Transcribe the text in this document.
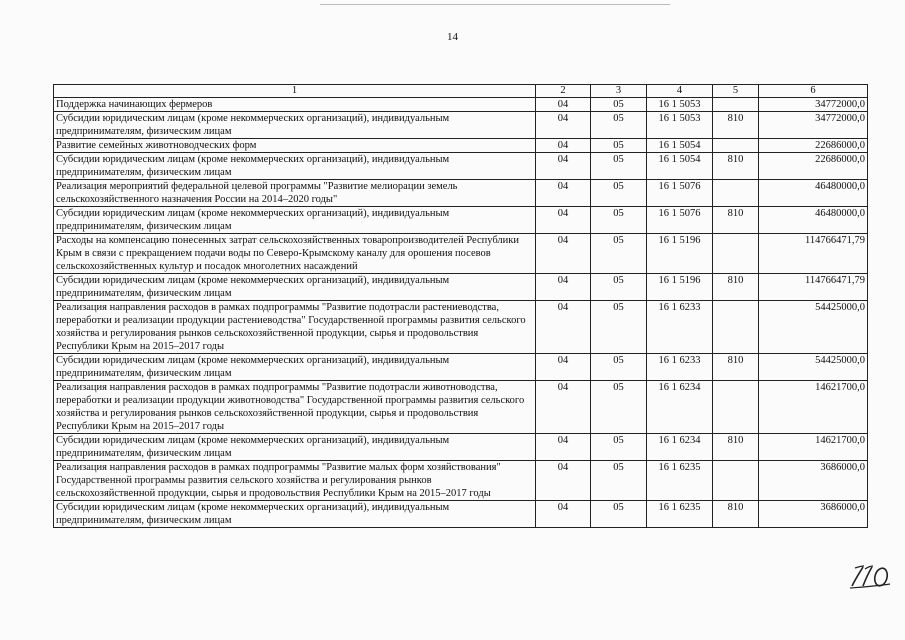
14
1	2	3	4	5	6
Поддержка начинающих фермеров	04	05	16 1 5053		34772000,0
Субсидии юридическим лицам (кроме некоммерческих организаций), индивидуальным предпринимателям, физическим лицам	04	05	16 1 5053	810	34772000,0
Развитие семейных животноводческих форм	04	05	16 1 5054		22686000,0
Субсидии юридическим лицам (кроме некоммерческих организаций), индивидуальным предпринимателям, физическим лицам	04	05	16 1 5054	810	22686000,0
Реализация мероприятий федеральной целевой программы "Развитие мелиорации земель сельскохозяйственного назначения России на 2014–2020 годы"	04	05	16 1 5076		46480000,0
Субсидии юридическим лицам (кроме некоммерческих организаций), индивидуальным предпринимателям, физическим лицам	04	05	16 1 5076	810	46480000,0
Расходы на компенсацию понесенных затрат сельскохозяйственных товаропроизводителей Республики Крым в связи с прекращением подачи воды по Северо-Крымскому каналу для орошения посевов сельскохозяйственных культур и посадок многолетних насаждений	04	05	16 1 5196		114766471,79
Субсидии юридическим лицам (кроме некоммерческих организаций), индивидуальным предпринимателям, физическим лицам	04	05	16 1 5196	810	114766471,79
Реализация направления расходов в рамках подпрограммы "Развитие подотрасли растениеводства, переработки и реализации продукции растениеводства" Государственной программы развития сельского хозяйства и регулирования рынков сельскохозяйственной продукции, сырья и продовольствия Республики Крым на 2015–2017 годы	04	05	16 1 6233		54425000,0
Субсидии юридическим лицам (кроме некоммерческих организаций), индивидуальным предпринимателям, физическим лицам	04	05	16 1 6233	810	54425000,0
Реализация направления расходов в рамках подпрограммы "Развитие подотрасли животноводства, переработки и реализации продукции животноводства" Государственной программы развития сельского хозяйства и регулирования рынков сельскохозяйственной продукции, сырья и продовольствия Республики Крым на 2015–2017 годы	04	05	16 1 6234		14621700,0
Субсидии юридическим лицам (кроме некоммерческих организаций), индивидуальным предпринимателям, физическим лицам	04	05	16 1 6234	810	14621700,0
Реализация направления расходов в рамках подпрограммы "Развитие малых форм хозяйствования" Государственной программы развития сельского хозяйства и регулирования рынков сельскохозяйственной продукции, сырья и продовольствия Республики Крым на 2015–2017 годы	04	05	16 1 6235		3686000,0
Субсидии юридическим лицам (кроме некоммерческих организаций), индивидуальным предпринимателям, физическим лицам	04	05	16 1 6235	810	3686000,0
